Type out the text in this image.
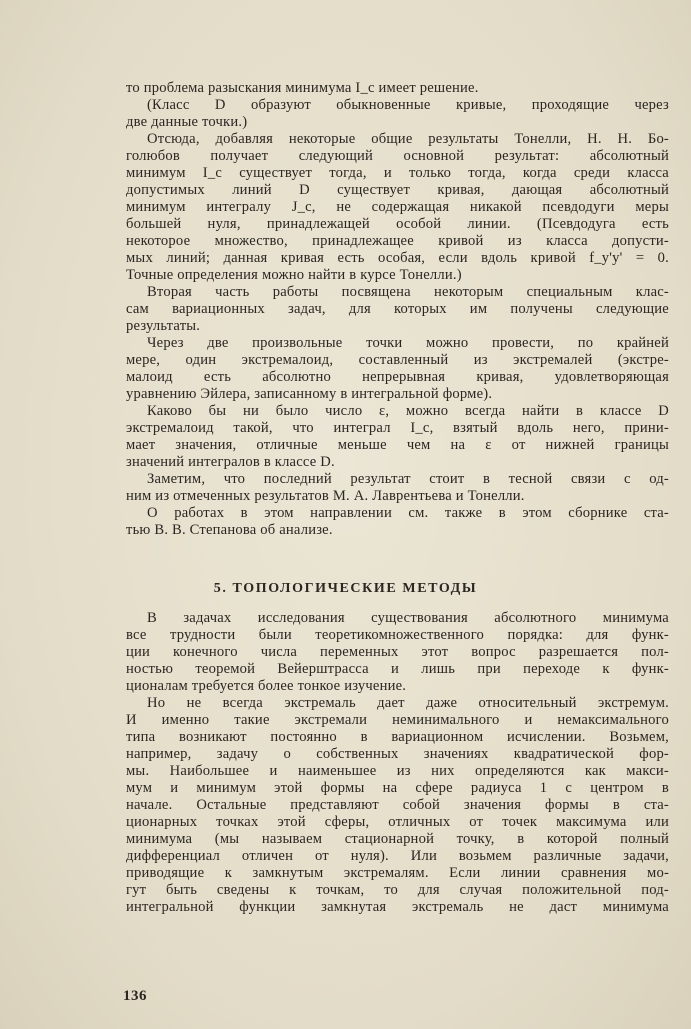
то проблема разыскания минимума I_c имеет решение.
(Класс D образуют обыкновенные кривые, проходящие через
две данные точки.)
Отсюда, добавляя некоторые общие результаты Тонелли, Н. Н. Бо-
голюбов получает следующий основной результат: абсолютный
минимум I_c существует тогда, и только тогда, когда среди класса
допустимых линий D существует кривая, дающая абсолютный
минимум интегралу J_c, не содержащая никакой псевдодуги меры
большей нуля, принадлежащей особой линии. (Псевдодуга есть
некоторое множество, принадлежащее кривой из класса допусти-
мых линий; данная кривая есть особая, если вдоль кривой f_y'y' = 0.
Точные определения можно найти в курсе Тонелли.)
Вторая часть работы посвящена некоторым специальным клас-
сам вариационных задач, для которых им получены следующие
результаты.
Через две произвольные точки можно провести, по крайней
мере, один экстремалоид, составленный из экстремалей (экстре-
малоид есть абсолютно непрерывная кривая, удовлетворяющая
уравнению Эйлера, записанному в интегральной форме).
Каково бы ни было число ε, можно всегда найти в классе D
экстремалоид такой, что интеграл I_c, взятый вдоль него, прини-
мает значения, отличные меньше чем на ε от нижней границы
значений интегралов в классе D.
Заметим, что последний результат стоит в тесной связи с од-
ним из отмеченных результатов М. А. Лаврентьева и Тонелли.
О работах в этом направлении см. также в этом сборнике ста-
тью В. В. Степанова об анализе.
В задачах исследования существования абсолютного минимума
все трудности были теоретикомножественного порядка: для функ-
ции конечного числа переменных этот вопрос разрешается пол-
ностью теоремой Вейерштрасса и лишь при переходе к функ-
ционалам требуется более тонкое изучение.
Но не всегда экстремаль дает даже относительный экстремум.
И именно такие экстремали неминимального и немаксимального
типа возникают постоянно в вариационном исчислении. Возьмем,
например, задачу о собственных значениях квадратической фор-
мы. Наибольшее и наименьшее из них определяются как макси-
мум и минимум этой формы на сфере радиуса 1 с центром в
начале. Остальные представляют собой значения формы в ста-
ционарных точках этой сферы, отличных от точек максимума или
минимума (мы называем стационарной точку, в которой полный
дифференциал отличен от нуля). Или возьмем различные задачи,
приводящие к замкнутым экстремалям. Если линии сравнения мо-
гут быть сведены к точкам, то для случая положительной под-
интегральной функции замкнутая экстремаль не даст минимума
5. ТОПОЛОГИЧЕСКИЕ МЕТОДЫ
136
